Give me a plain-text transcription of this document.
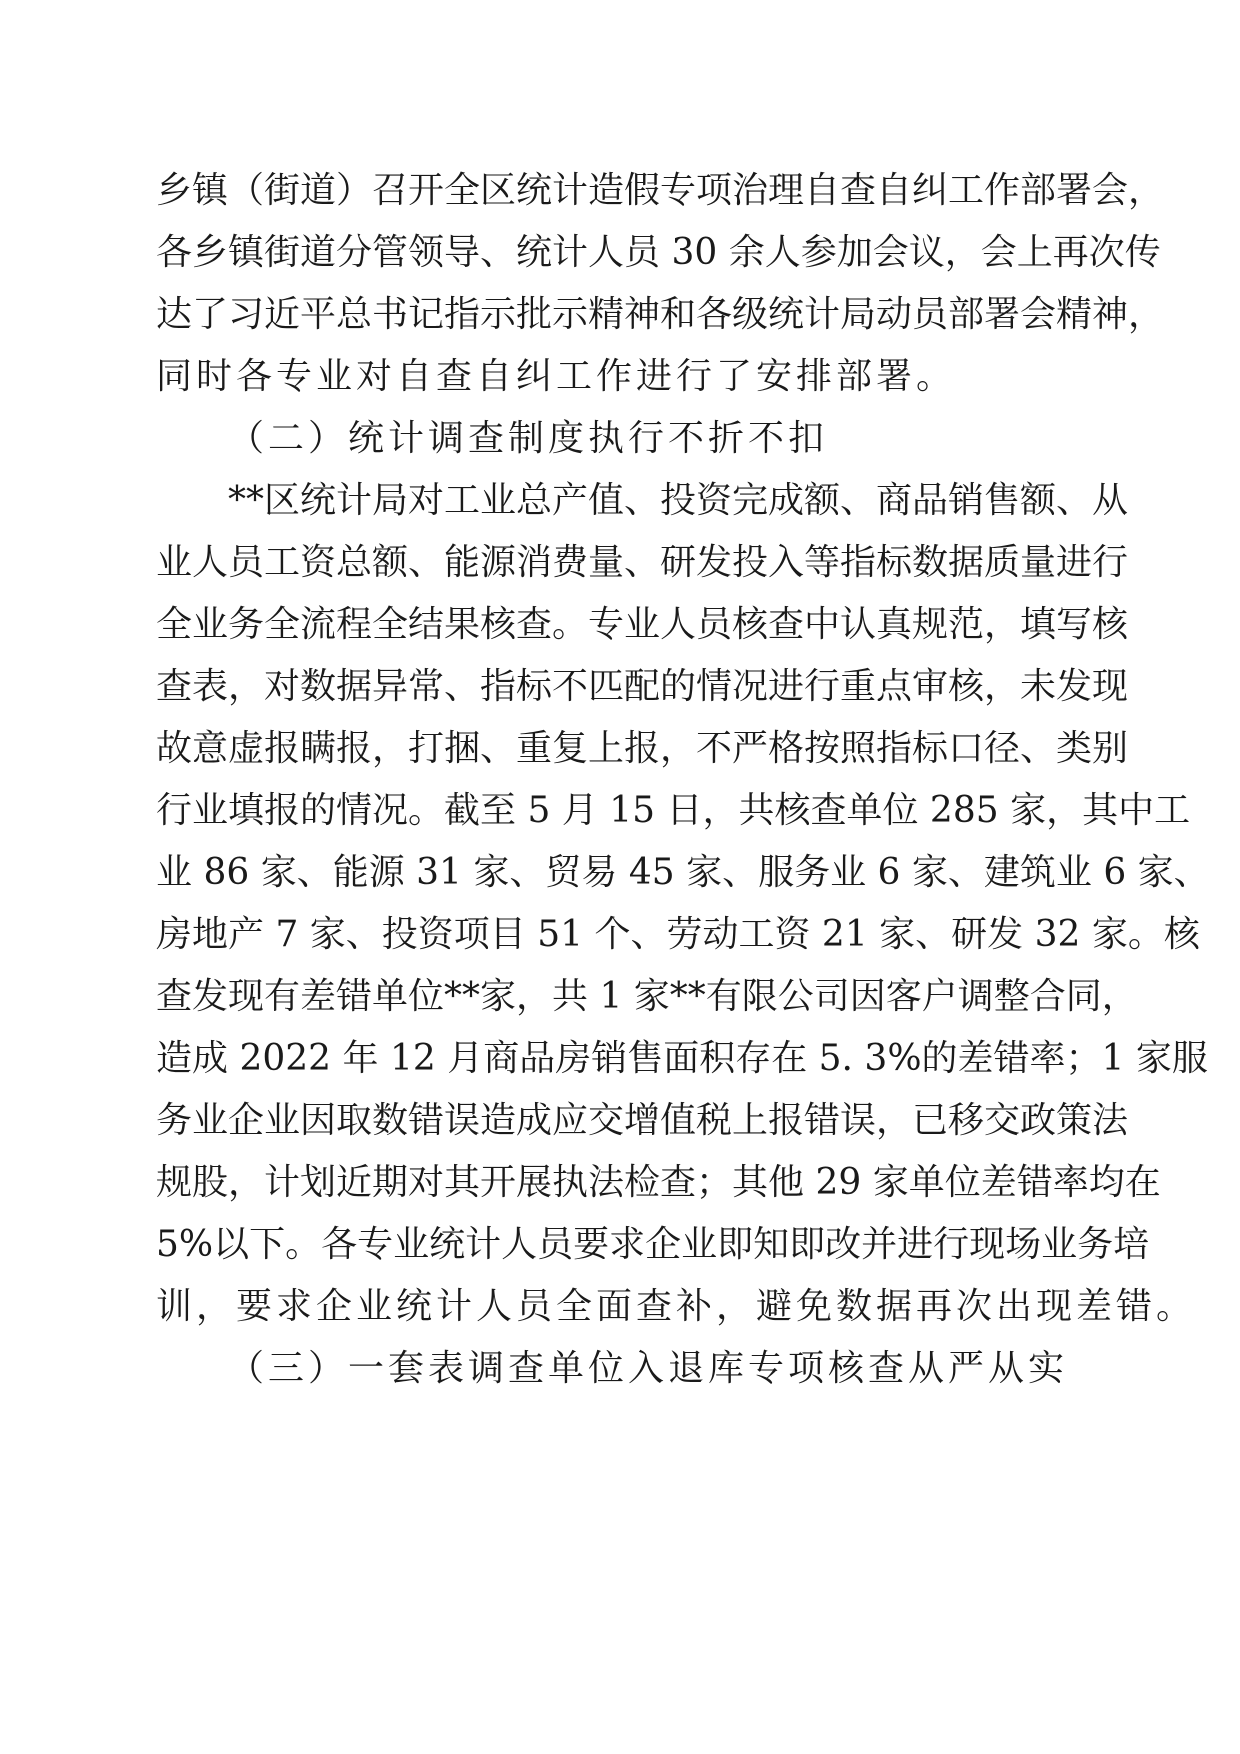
乡镇（街道）召开全区统计造假专项治理自查自纠工作部署会，
各乡镇街道分管领导、统计人员 30 余人参加会议，会上再次传
达了习近平总书记指示批示精神和各级统计局动员部署会精神，
同时各专业对自查自纠工作进行了安排部署。
（二）统计调查制度执行不折不扣
**区统计局对工业总产值、投资完成额、商品销售额、从
业人员工资总额、能源消费量、研发投入等指标数据质量进行
全业务全流程全结果核查。专业人员核查中认真规范，填写核
查表，对数据异常、指标不匹配的情况进行重点审核，未发现
故意虚报瞒报，打捆、重复上报，不严格按照指标口径、类别
行业填报的情况。截至 5 月 15 日，共核查单位 285 家，其中工
业 86 家、能源 31 家、贸易 45 家、服务业 6 家、建筑业 6 家、
房地产 7 家、投资项目 51 个、劳动工资 21 家、研发 32 家。核
查发现有差错单位**家，共 1 家**有限公司因客户调整合同，
造成 2022 年 12 月商品房销售面积存在 5. 3%的差错率；1 家服
务业企业因取数错误造成应交增值税上报错误，已移交政策法
规股，计划近期对其开展执法检查；其他 29 家单位差错率均在
5%以下。各专业统计人员要求企业即知即改并进行现场业务培
训，要求企业统计人员全面查补，避免数据再次出现差错。
（三）一套表调查单位入退库专项核查从严从实
